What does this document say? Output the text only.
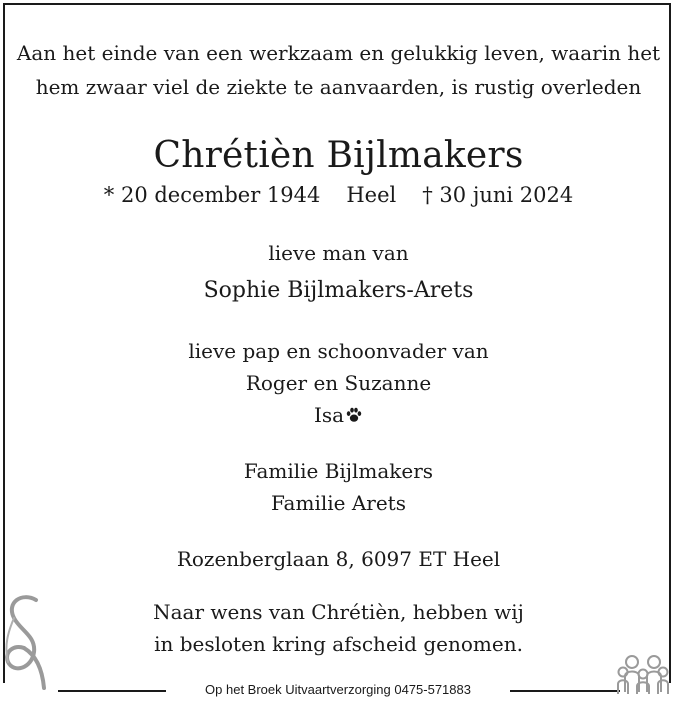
Aan het einde van een werkzaam en gelukkig leven, waarin het
hem zwaar viel de ziekte te aanvaarden, is rustig overleden
Chrétièn Bijlmakers
* 20 december 1944 Heel † 30 juni 2024
lieve man van
Sophie Bijlmakers-Arets
lieve pap en schoonvader van
Roger en Suzanne
Isa
Familie Bijlmakers
Familie Arets
Rozenberglaan 8, 6097 ET Heel
Naar wens van Chrétièn, hebben wij
in besloten kring afscheid genomen.
Op het Broek Uitvaartverzorging 0475-571883
